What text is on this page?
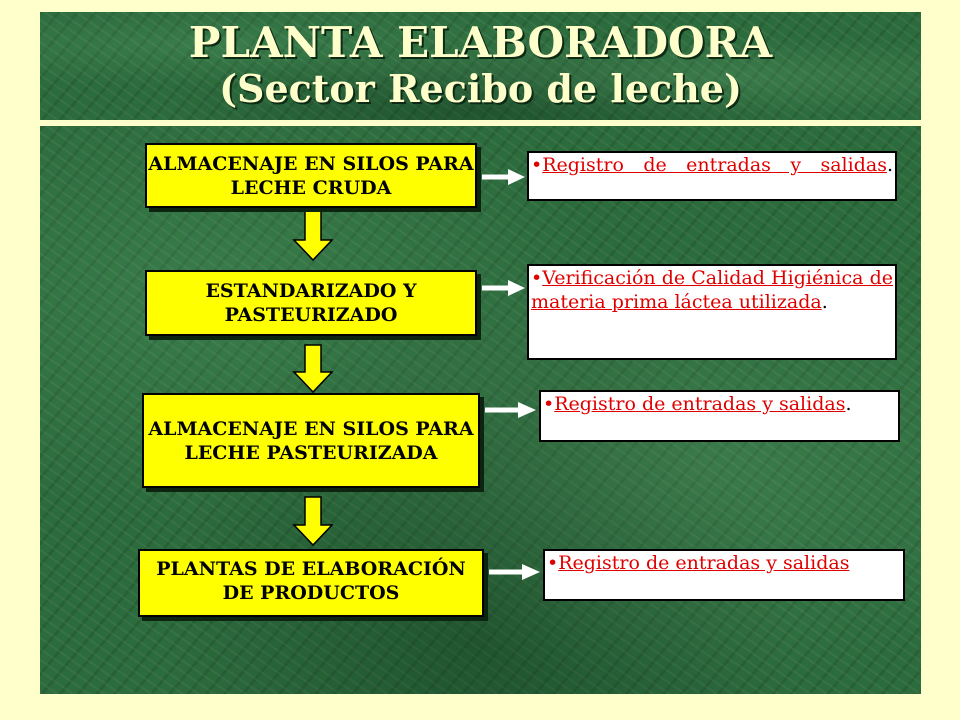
PLANTA ELABORADORA
(Sector Recibo de leche)
ALMACENAJE EN SILOS PARA LECHE CRUDA
ESTANDARIZADO Y PASTEURIZADO
ALMACENAJE EN SILOS PARA LECHE PASTEURIZADA
PLANTAS DE ELABORACIÓN DE PRODUCTOS
•Registro de entradas y salidas.
•Verificación de Calidad Higiénica de materia prima láctea utilizada.
•Registro de entradas y salidas.
•Registro de entradas y salidas
